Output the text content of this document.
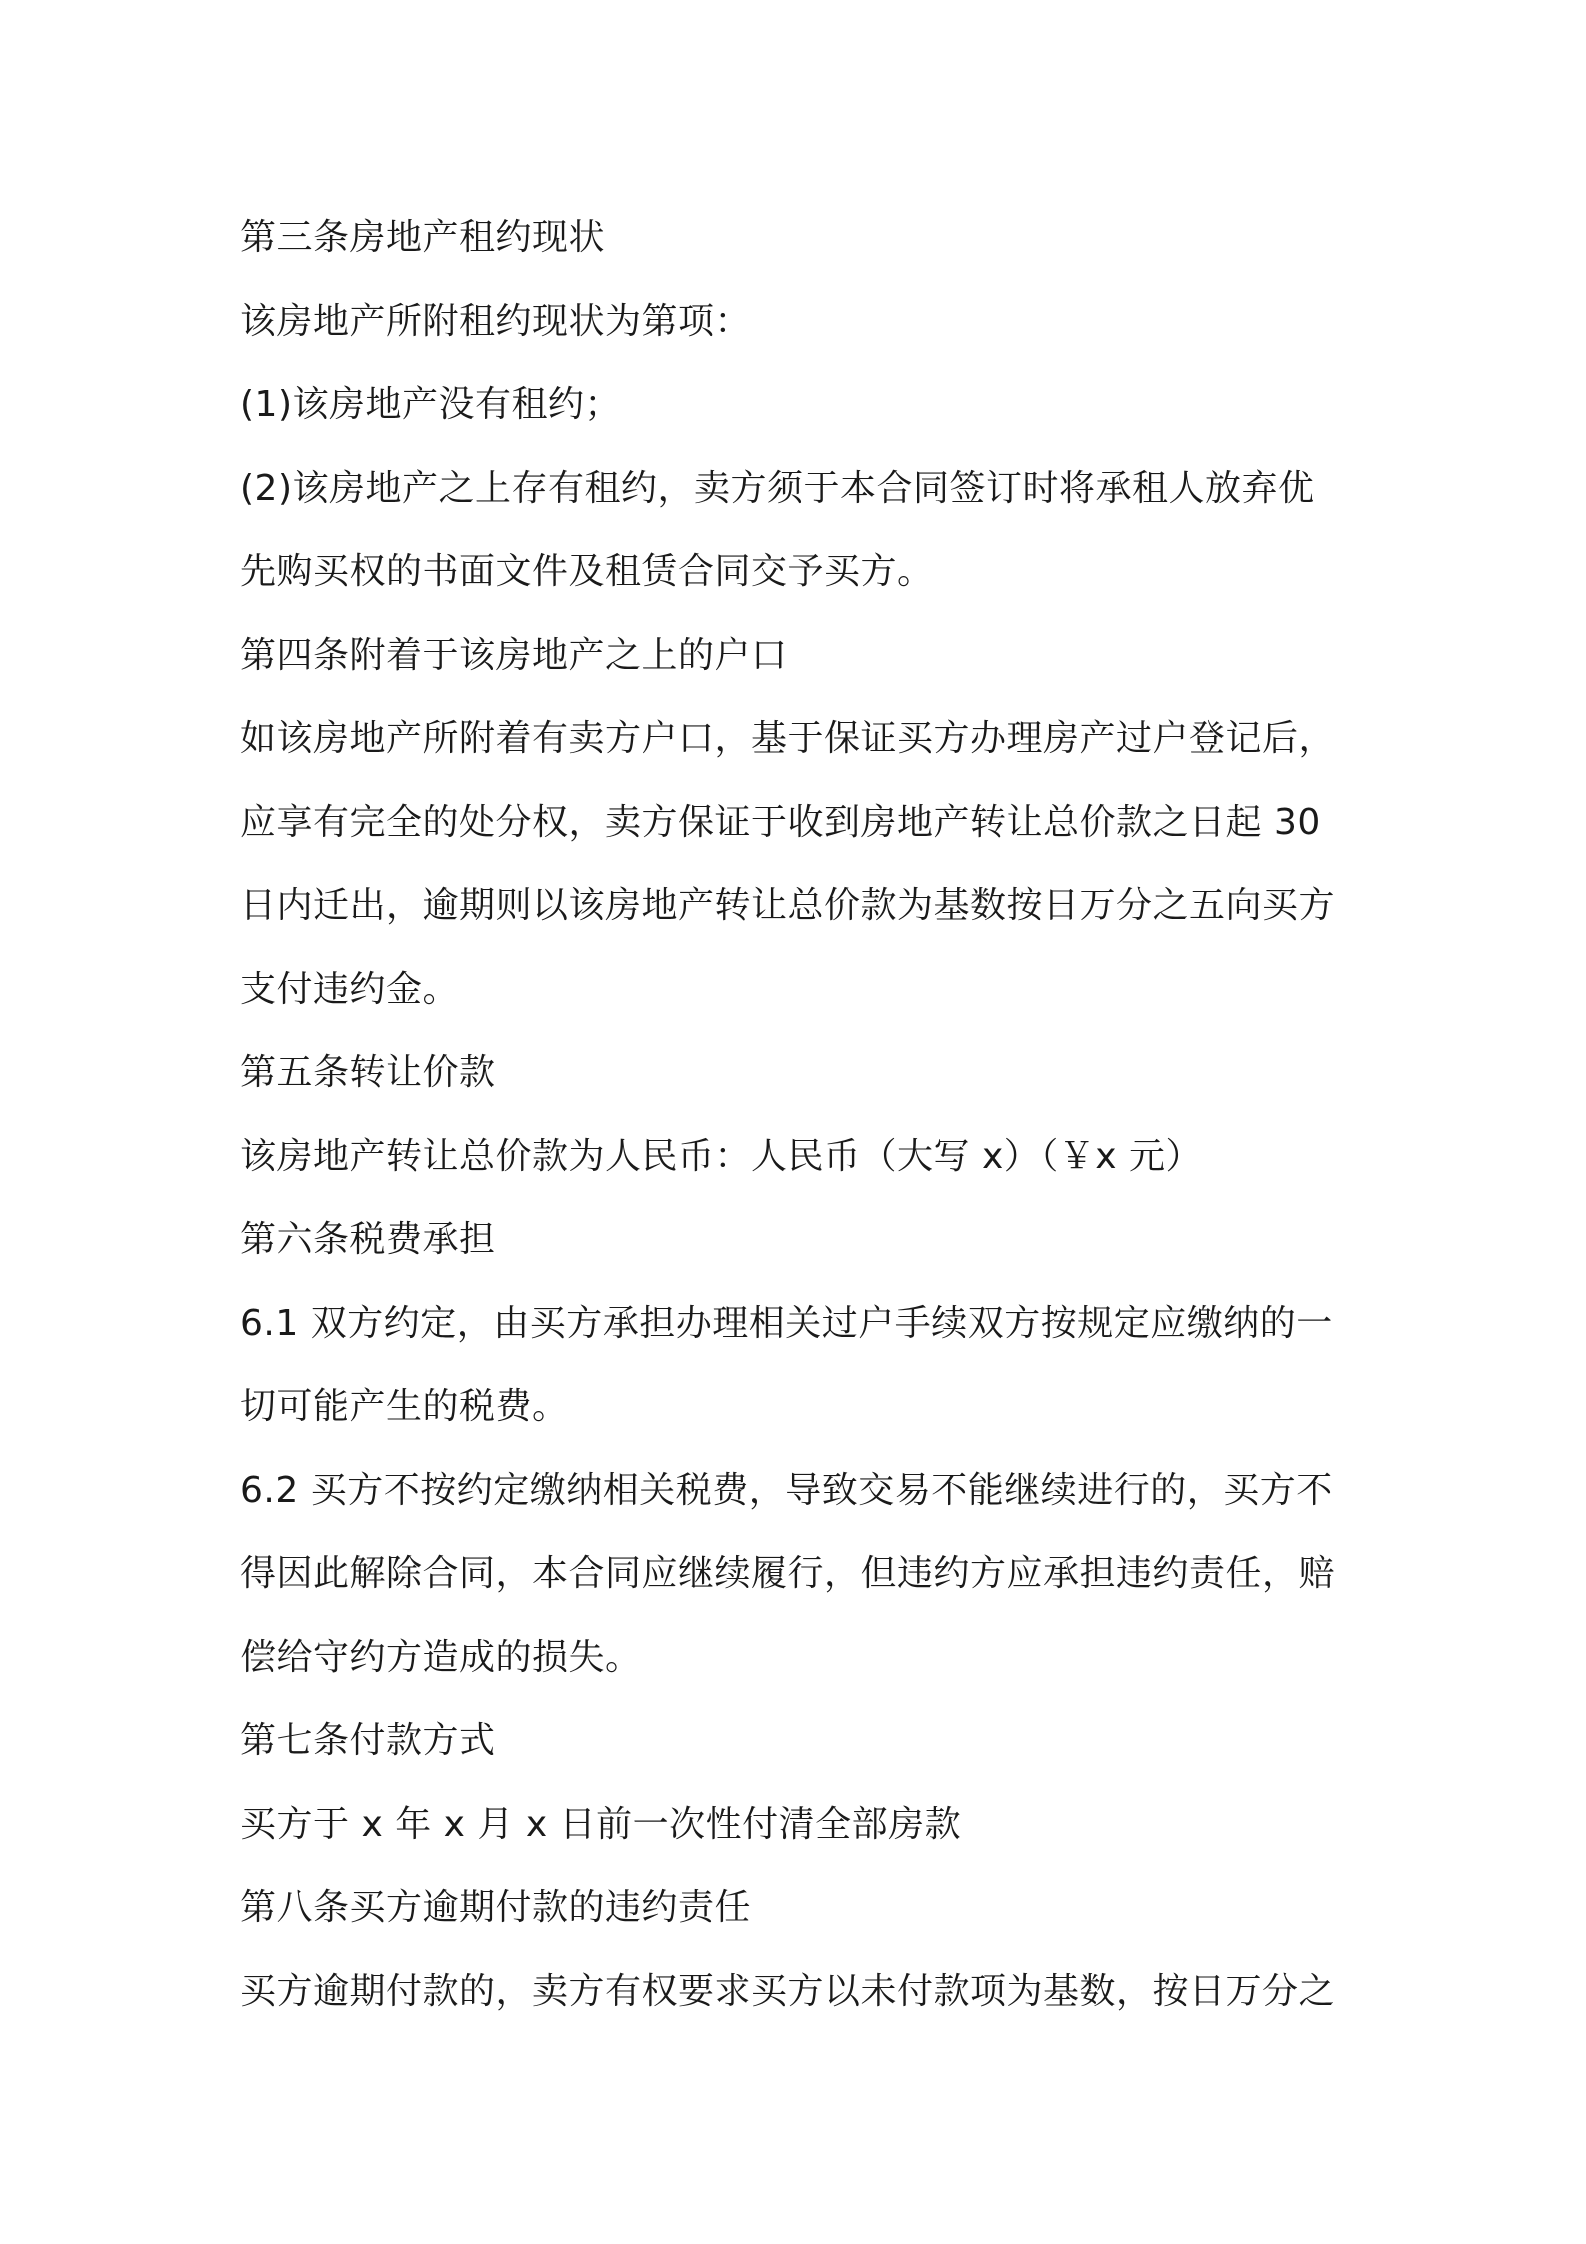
第三条房地产租约现状
该房地产所附租约现状为第项：
(1)该房地产没有租约；
(2)该房地产之上存有租约，卖方须于本合同签订时将承租人放弃优
先购买权的书面文件及租赁合同交予买方。
第四条附着于该房地产之上的户口
如该房地产所附着有卖方户口，基于保证买方办理房产过户登记后，
应享有完全的处分权，卖方保证于收到房地产转让总价款之日起 30
日内迁出，逾期则以该房地产转让总价款为基数按日万分之五向买方
支付违约金。
第五条转让价款
该房地产转让总价款为人民币：人民币（大写 x）（￥x 元）
第六条税费承担
6.1 双方约定，由买方承担办理相关过户手续双方按规定应缴纳的一
切可能产生的税费。
6.2 买方不按约定缴纳相关税费，导致交易不能继续进行的，买方不
得因此解除合同，本合同应继续履行，但违约方应承担违约责任，赔
偿给守约方造成的损失。
第七条付款方式
买方于 x 年 x 月 x 日前一次性付清全部房款
第八条买方逾期付款的违约责任
买方逾期付款的，卖方有权要求买方以未付款项为基数，按日万分之
